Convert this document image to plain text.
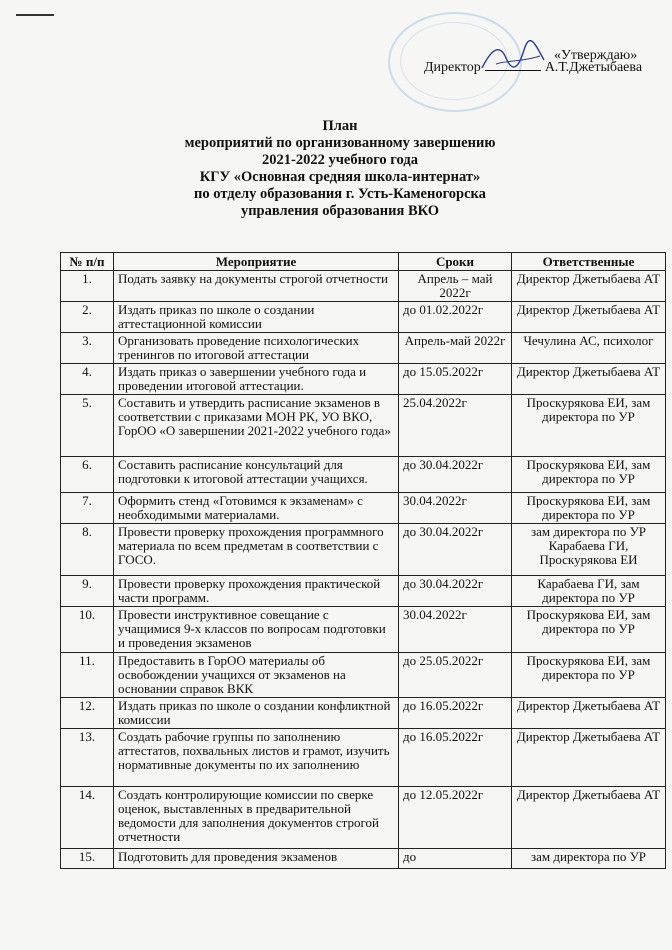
«Утверждаю»
Директор	А.Т.Джетыбаева
План
мероприятий по организованному завершению
2021-2022 учебного года
КГУ «Основная средняя школа-интернат»
по отделу образования г. Усть-Каменогорска
управления образования ВКО
№ п/п	Мероприятие	Сроки	Ответственные
1.	Подать заявку на документы строгой отчетности	Апрель – май 2022г	Директор Джетыбаева АТ
2.	Издать приказ по школе о создании аттестационной комиссии	до 01.02.2022г	Директор Джетыбаева АТ
3.	Организовать проведение психологических тренингов по итоговой аттестации	Апрель-май 2022г	Чечулина АС, психолог
4.	Издать приказ о завершении учебного года и проведении итоговой аттестации.	до 15.05.2022г	Директор Джетыбаева АТ
5.	Составить и утвердить расписание экзаменов в соответствии с приказами МОН РК, УО ВКО, ГорОО «О завершении 2021-2022 учебного года»	25.04.2022г	Проскурякова ЕИ, зам директора по УР
6.	Составить расписание консультаций для подготовки к итоговой аттестации учащихся.	до 30.04.2022г	Проскурякова ЕИ, зам директора по УР
7.	Оформить стенд «Готовимся к экзаменам» с необходимыми материалами.	30.04.2022г	Проскурякова ЕИ, зам директора по УР
8.	Провести проверку прохождения программного материала по всем предметам в соответствии с ГОСО.	до 30.04.2022г	зам директора по УР Карабаева ГИ, Проскурякова ЕИ
9.	Провести проверку прохождения практической части программ.	до 30.04.2022г	Карабаева ГИ, зам директора по УР
10.	Провести инструктивное совещание с учащимися 9-х классов по вопросам подготовки и проведения экзаменов	30.04.2022г	Проскурякова ЕИ, зам директора по УР
11.	Предоставить в ГорОО материалы об освобождении учащихся от экзаменов на основании справок ВКК	до 25.05.2022г	Проскурякова ЕИ, зам директора по УР
12.	Издать приказ по школе о создании конфликтной комиссии	до 16.05.2022г	Директор Джетыбаева АТ
13.	Создать рабочие группы по заполнению аттестатов, похвальных листов и грамот, изучить нормативные документы по их заполнению	до 16.05.2022г	Директор Джетыбаева АТ
14.	Создать контролирующие комиссии по сверке оценок, выставленных в предварительной ведомости для заполнения документов строгой отчетности	до 12.05.2022г	Директор Джетыбаева АТ
15.	Подготовить для проведения экзаменов	до	зам директора по УР
